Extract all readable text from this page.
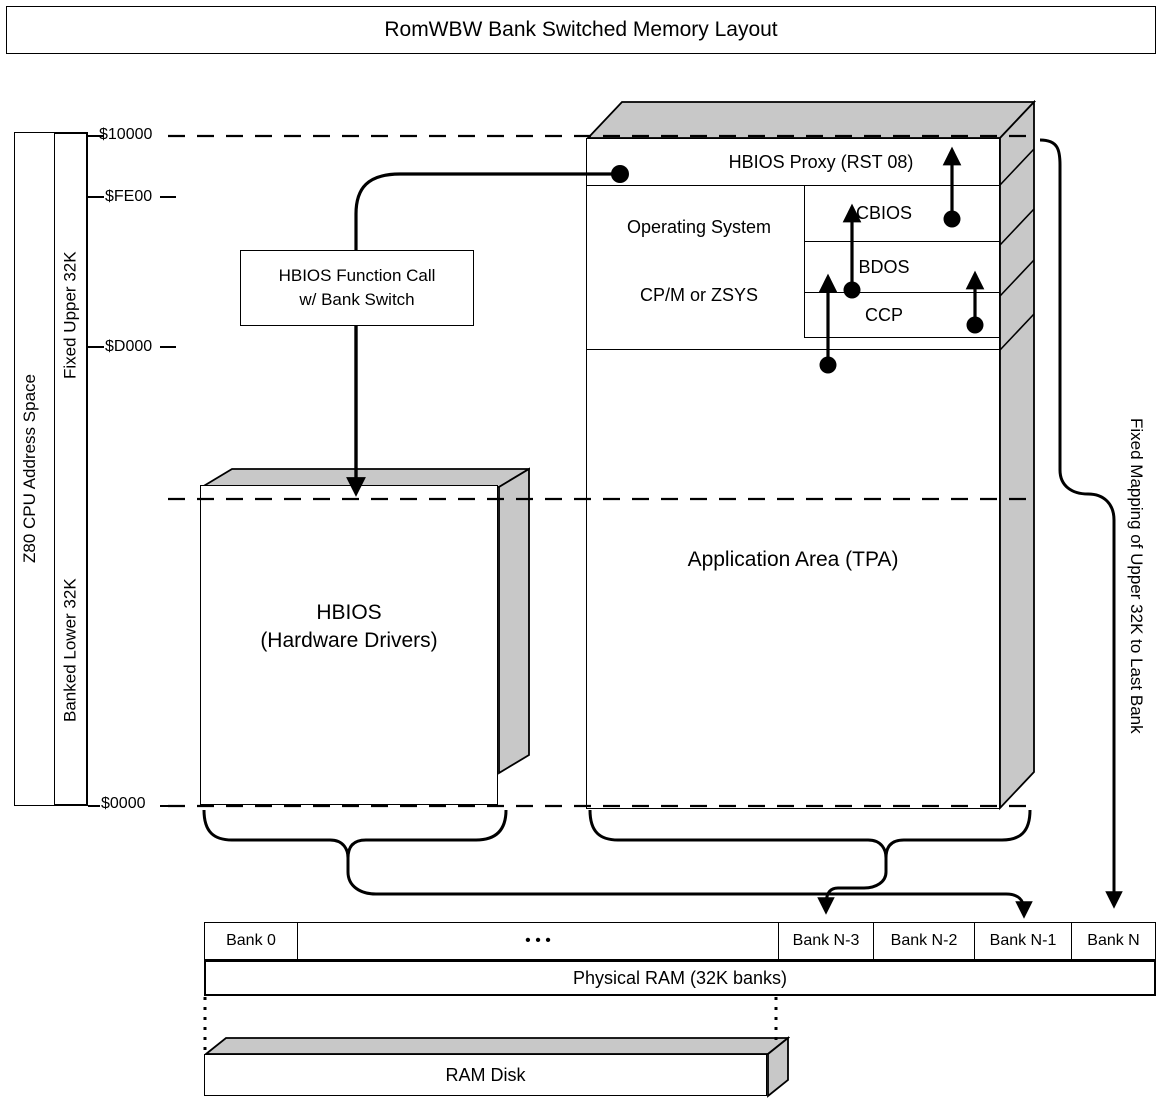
RomWBW Bank Switched Memory Layout
Z80 CPU Address Space
Fixed Upper 32K
Banked Lower 32K
$10000
$FE00
$D000
$0000
HBIOS Function Call
w/ Bank Switch
HBIOS
(Hardware Drivers)
HBIOS Proxy (RST 08)
Operating System
CP/M or ZSYS
CBIOS
BDOS
CCP
Application Area (TPA)	Fixed Mapping of Upper 32K to Last Bank
Bank 0	• • •	Bank N-3	Bank N-2	Bank N-1	Bank N
Physical RAM (32K banks)
RAM Disk
